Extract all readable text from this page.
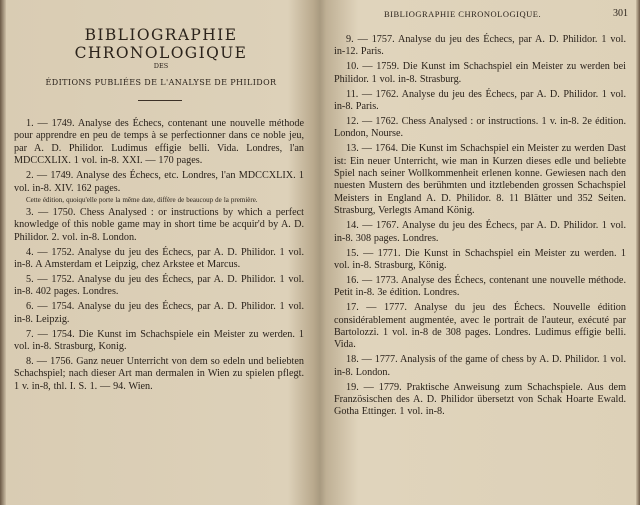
BIBLIOGRAPHIE CHRONOLOGIQUE
DES
ÉDITIONS PUBLIÉES DE L'ANALYSE DE PHILIDOR

1. — 1749. Analyse des Échecs, contenant une nouvelle méthode pour apprendre en peu de temps à se perfectionner dans ce noble jeu, par A. D. Philidor. Ludimus effigie belli. Vida. Londres, l'an MDCCXLIX. 1 vol. in-8. XXI. — 170 pages.

2. — 1749. Analyse des Échecs, etc. Londres, l'an MDCCXLIX. 1 vol. in-8. XIV. 162 pages.

Cette édition, quoiqu'elle porte la même date, diffère de beaucoup de la première.

3. — 1750. Chess Analysed : or instructions by which a perfect knowledge of this noble game may in short time be acquir'd by A. D. Philidor. 2. vol. in-8. London.

4. — 1752. Analyse du jeu des Échecs, par A. D. Philidor. 1 vol. in-8. A Amsterdam et Leipzig, chez Arkstee et Marcus.

5. — 1752. Analyse du jeu des Échecs, par A. D. Philidor. 1 vol. in-8. 402 pages. Londres.

6. — 1754. Analyse du jeu des Échecs, par A. D. Philidor. 1 vol. in-8. Leipzig.

7. — 1754. Die Kunst im Schachspiele ein Meister zu werden. 1 vol. in-8. Strasburg, Konig.

8. — 1756. Ganz neuer Unterricht von dem so edeln und beliebten Schachspiel; nach dieser Art man dermalen in Wien zu spielen pflegt. 1 v. in-8, thl. I. S. 1. — 94. Wien.

BIBLIOGRAPHIE CHRONOLOGIQUE.	301

9. — 1757. Analyse du jeu des Échecs, par A. D. Philidor. 1 vol. in-12. Paris.

10. — 1759. Die Kunst im Schachspiel ein Meister zu werden bei Philidor. 1 vol. in-8. Strasburg.

11. — 1762. Analyse du jeu des Échecs, par A. D. Philidor. 1 vol. in-8. Paris.

12. — 1762. Chess Analysed : or instructions. 1 v. in-8. 2e édition. London, Nourse.

13. — 1764. Die Kunst im Schachspiel ein Meister zu werden Dast ist: Ein neuer Unterricht, wie man in Kurzen dieses edle und beliebte Spiel nach seiner Wollkommenheit erlenen konne. Gewiesen nach den nuesten Mustern des berühmten und itztlebenden grossen Schachspiel Meisters in England A. D. Philidor. 8. 11 Blätter und 352 Seiten. Strasburg, Verlegts Amand König.

14. — 1767. Analyse du jeu des Échecs, par A. D. Philidor. 1 vol. in-8. 308 pages. Londres.

15. — 1771. Die Kunst in Schachspiel ein Meister zu werden. 1 vol. in-8. Strasburg, König.

16. — 1773. Analyse des Échecs, contenant une nouvelle méthode. Petit in-8. 3e édition. Londres.

17. — 1777. Analyse du jeu des Échecs. Nouvelle édition considérablement augmentée, avec le portrait de l'auteur, exécuté par Bartolozzi. 1 vol. in-8 de 308 pages. Londres. Ludimus effigie belli. Vida.

18. — 1777. Analysis of the game of chess by A. D. Philidor. 1 vol. in-8. London.

19. — 1779. Praktische Anweisung zum Schachspiele. Aus dem Französischen des A. D. Philidor übersetzt von Schak Hoarte Ewald. Gotha Ettinger. 1 vol. in-8.
